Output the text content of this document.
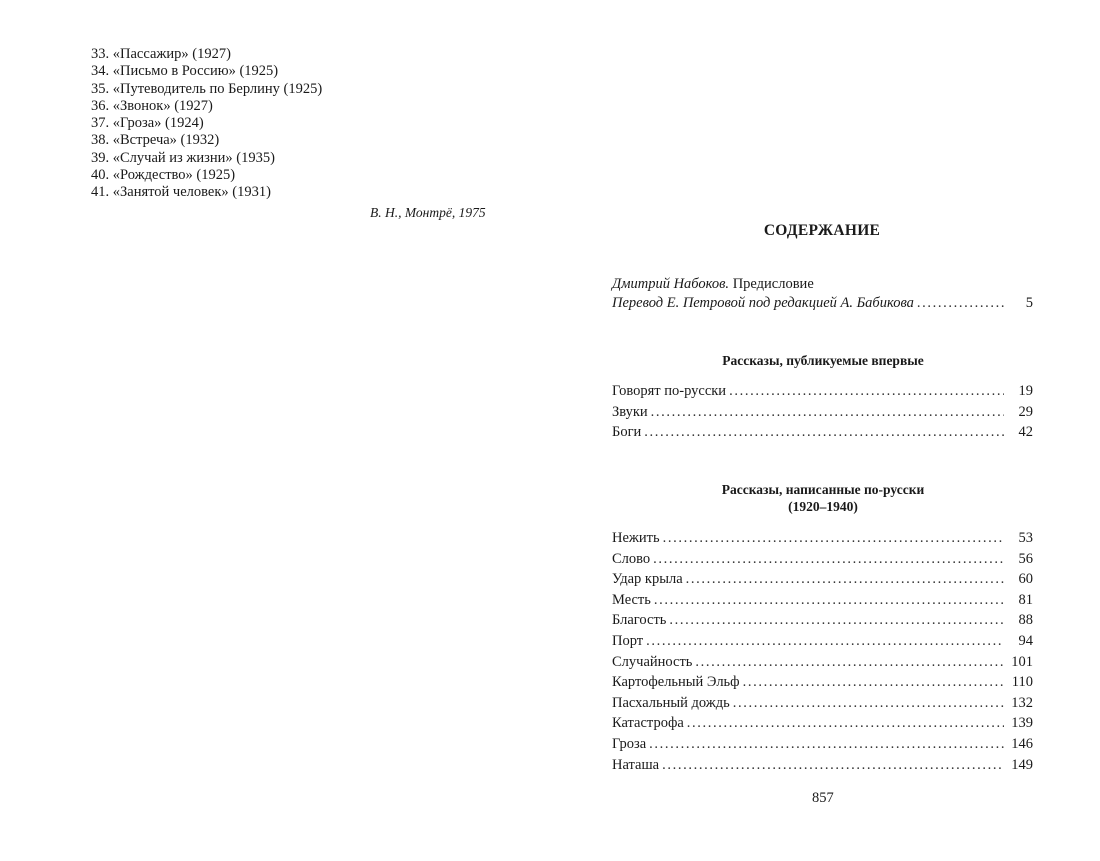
33. «Пассажир» (1927)
34. «Письмо в Россию» (1925)
35. «Путеводитель по Берлину (1925)
36. «Звонок» (1927)
37. «Гроза» (1924)
38. «Встреча» (1932)
39. «Случай из жизни» (1935)
40. «Рождество» (1925)
41. «Занятой человек» (1931)
В. Н., Монтрё, 1975
СОДЕРЖАНИЕ
Дмитрий Набоков. Предисловие
Перевод Е. Петровой под редакцией А. Бабикова . . .	5
Рассказы, публикуемые впервые
Говорят по-русски . . .	19
Звуки . . .	29
Боги . . .	42
Рассказы, написанные по-русски
(1920–1940)
Нежить . . .	53
Слово . . .	56
Удар крыла . . .	60
Месть . . .	81
Благость . . .	88
Порт . . .	94
Случайность . . .	101
Картофельный Эльф . . .	110
Пасхальный дождь . . .	132
Катастрофа . . .	139
Гроза . . .	146
Наташа . . .	149
857
